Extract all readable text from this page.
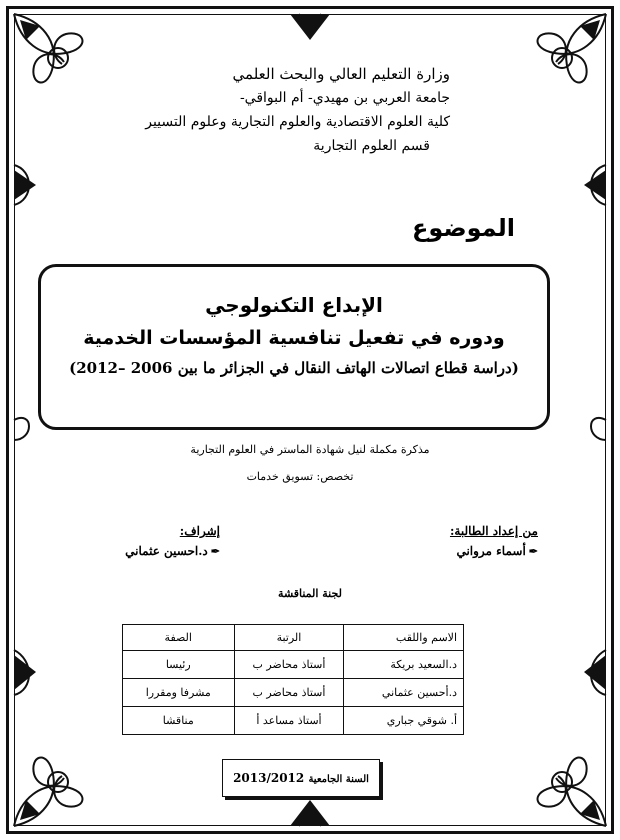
وزارة التعليم العالي والبحث العلمي
جامعة العربي بن مهيدي- أم البواقي-
كلية العلوم الاقتصادية والعلوم التجارية وعلوم التسيير
قسم العلوم التجارية
الموضوع
الإبداع التكنولوجي
ودوره في تفعيل تنافسية المؤسسات الخدمية
(دراسة قطاع اتصالات الهاتف النقال في الجزائر ما بين 2006 –2012)
مذكرة مكملة لنيل شهادة الماستر في العلوم التجارية
تخصص: تسويق خدمات
من إعداد الطالبة:
✒أسماء مرواني
إشراف:
✒د.احسين عثماني
لجنة المناقشة
الاسم واللقب	الرتبة	الصفة
د.السعيد بريكة	أستاذ محاضر ب	رئيسا
د.أحسين عثماني	أستاذ محاضر ب	مشرفا ومقررا
أ. شوقي جباري	أستاذ مساعد أ	مناقشا
السنة الجامعية 2013/2012
